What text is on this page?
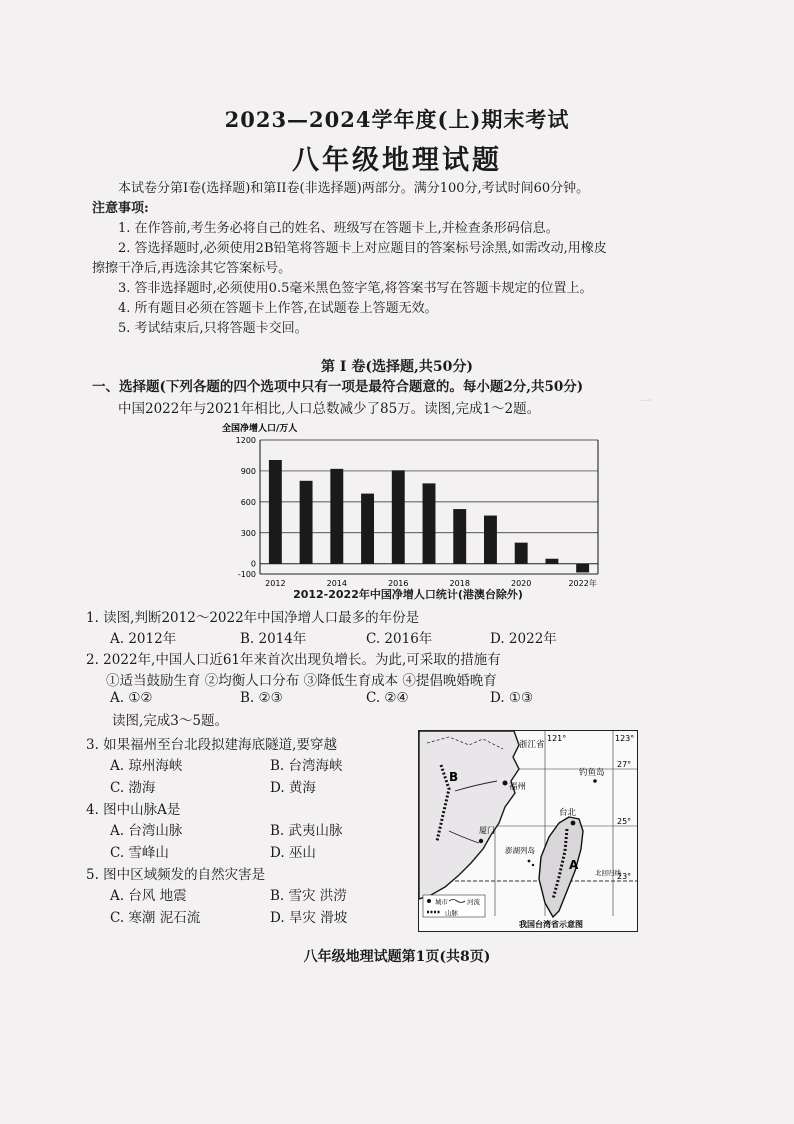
一
2023—2024学年度(上)期末考试
八年级地理试题
本试卷分第I卷(选择题)和第II卷(非选择题)两部分。满分100分,考试时间60分钟。
注意事项:
1. 在作答前,考生务必将自己的姓名、班级写在答题卡上,并检查条形码信息。
2. 答选择题时,必须使用2B铅笔将答题卡上对应题目的答案标号涂黑,如需改动,用橡皮
擦擦干净后,再选涂其它答案标号。
3. 答非选择题时,必须使用0.5毫米黑色签字笔,将答案书写在答题卡规定的位置上。
4. 所有题目必须在答题卡上作答,在试题卷上答题无效。
5. 考试结束后,只将答题卡交回。
第 I 卷(选择题,共50分)
一、选择题(下列各题的四个选项中只有一项是最符合题意的。每小题2分,共50分)
中国2022年与2021年相比,人口总数减少了85万。读图,完成1～2题。
全国净增人口/万人
1200
900
600
300
0
-100
2012	2014	2016	2018	2020	2022年
2012-2022年中国净增人口统计(港澳台除外)
1. 读图,判断2012～2022年中国净增人口最多的年份是
A. 2012年	B. 2014年	C. 2016年	D. 2022年
2. 2022年,中国人口近61年来首次出现负增长。为此,可采取的措施有
①适当鼓励生育 ②均衡人口分布 ③降低生育成本 ④提倡晚婚晚育
A. ①②	B. ②③	C. ②④	D. ①③
读图,完成3～5题。
3. 如果福州至台北段拟建海底隧道,要穿越
A. 琼州海峡	B. 台湾海峡
C. 渤海	D. 黄海
4. 图中山脉A是
A. 台湾山脉	B. 武夷山脉
C. 雪峰山	D. 巫山
5. 图中区域频发的自然灾害是
A. 台风 地震	B. 雪灾 洪涝
C. 寒潮 泥石流	D. 旱灾 滑坡
121°	123°
27°
25°
23°
北回归线
B
浙江省
福州
厦门
钓鱼岛
A
台北
澎湖列岛
城市	河流
山脉
我国台湾省示意图
八年级地理试题第1页(共8页)
